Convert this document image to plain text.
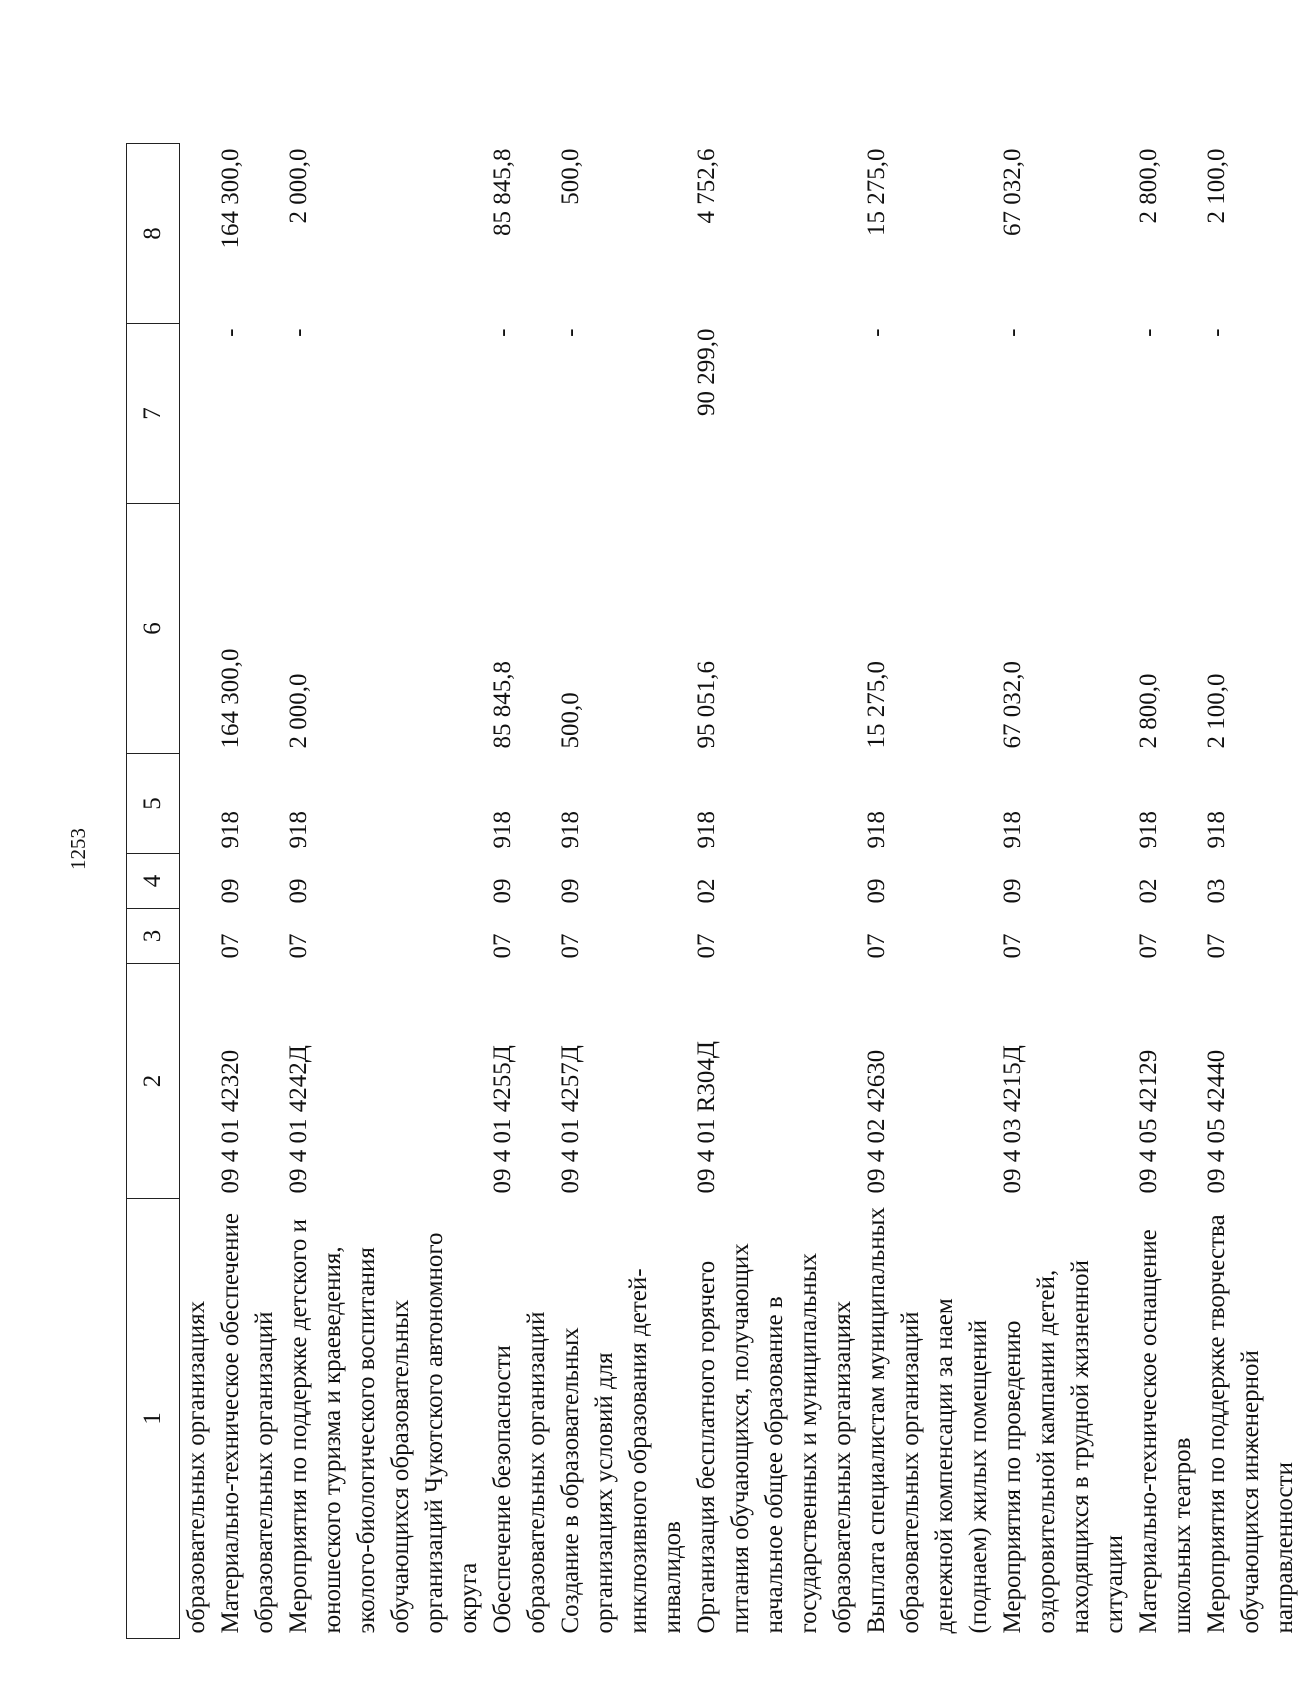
1253
1	2	3	4	5	6	7	8
образовательных организациях							
Материально-техническое обеспечение образовательных организаций	09 4 01 42320	07	09	918	164 300,0	-	164 300,0
Мероприятия по поддержке детского и юношеского туризма и краеведения, эколого-биологического воспитания обучающихся образовательных организаций Чукотского автономного округа	09 4 01 4242Д	07	09	918	2 000,0	-	2 000,0
Обеспечение безопасности образовательных организаций	09 4 01 4255Д	07	09	918	85 845,8	-	85 845,8
Создание в образовательных организациях условий для инклюзивного образования детей-инвалидов	09 4 01 4257Д	07	09	918	500,0	-	500,0
Организация бесплатного горячего питания обучающихся, получающих начальное общее образование в государственных и муниципальных образовательных организациях	09 4 01 R304Д	07	02	918	95 051,6	90 299,0	4 752,6
Выплата специалистам муниципальных образовательных организаций денежной компенсации за наем (поднаем) жилых помещений	09 4 02 42630	07	09	918	15 275,0	-	15 275,0
Мероприятия по проведению оздоровительной кампании детей, находящихся в трудной жизненной ситуации	09 4 03 4215Д	07	09	918	67 032,0	-	67 032,0
Материально-техническое оснащение школьных театров	09 4 05 42129	07	02	918	2 800,0	-	2 800,0
Мероприятия по поддержке творчества обучающихся инженерной направленности	09 4 05 42440	07	03	918	2 100,0	-	2 100,0
